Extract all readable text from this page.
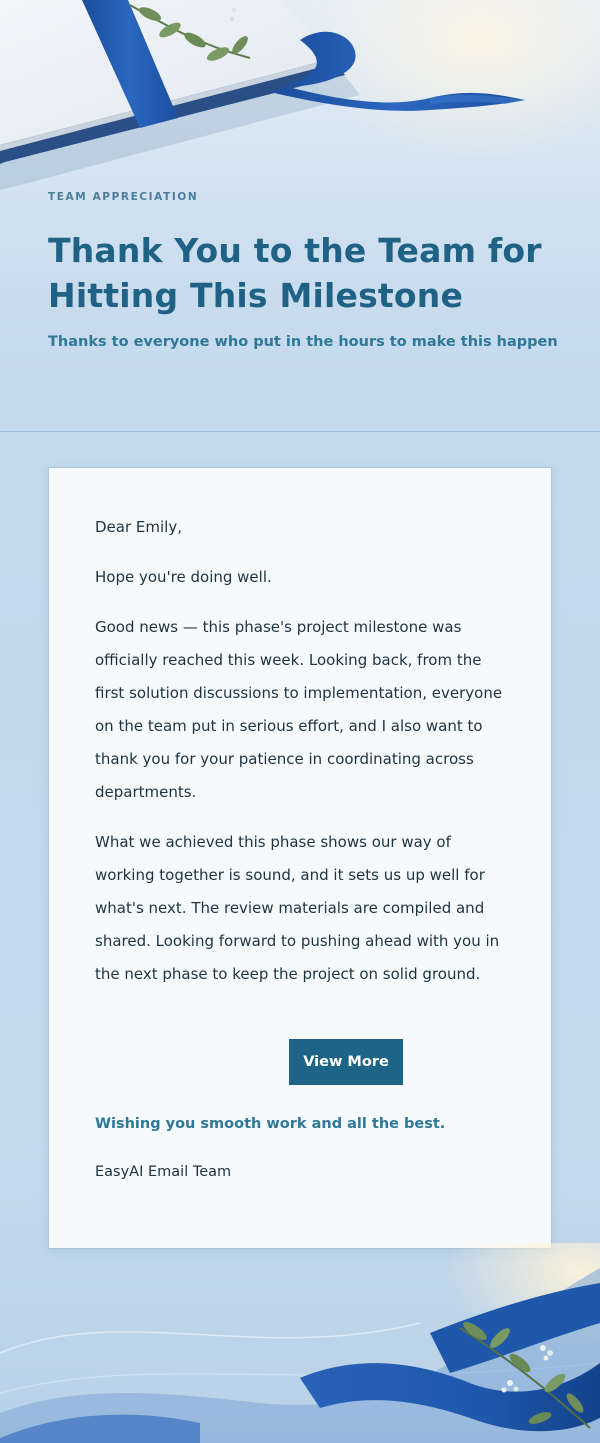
TEAM APPRECIATION

Thank You to the Team for Hitting This Milestone

Thanks to everyone who put in the hours to make this happen

Dear Emily,

Hope you're doing well.

Good news — this phase's project milestone was officially reached this week. Looking back, from the first solution discussions to implementation, everyone on the team put in serious effort, and I also want to thank you for your patience in coordinating across departments.

What we achieved this phase shows our way of working together is sound, and it sets us up well for what's next. The review materials are compiled and shared. Looking forward to pushing ahead with you in the next phase to keep the project on solid ground.

View More

Wishing you smooth work and all the best.

EasyAI Email Team
